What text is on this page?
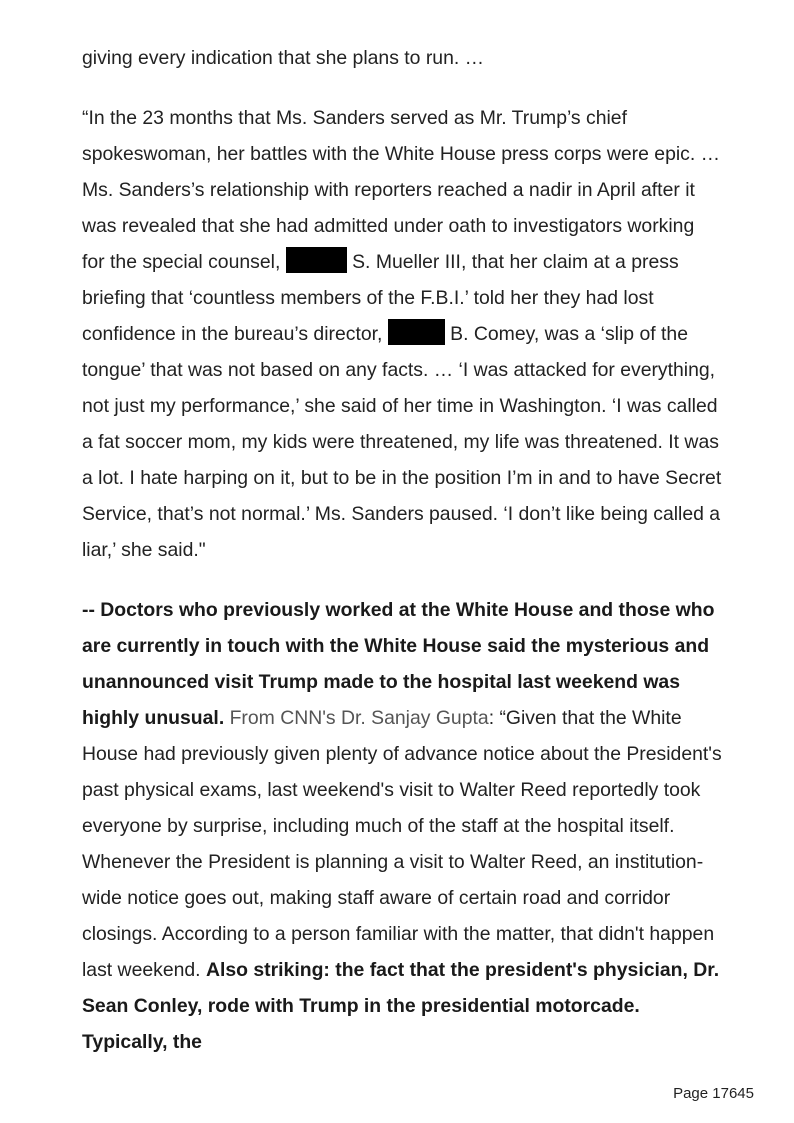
giving every indication that she plans to run. …

“In the 23 months that Ms. Sanders served as Mr. Trump’s chief spokeswoman, her battles with the White House press corps were epic. … Ms. Sanders’s relationship with reporters reached a nadir in April after it was revealed that she had admitted under oath to investigators working for the special counsel,	S. Mueller III, that her claim at a press briefing that ‘countless members of the F.B.I.’ told her they had lost confidence in the bureau’s director,	B. Comey, was a ‘slip of the tongue’ that was not based on any facts. … ‘I was attacked for everything, not just my performance,’ she said of her time in Washington. ‘I was called a fat soccer mom, my kids were threatened, my life was threatened. It was a lot. I hate harping on it, but to be in the position I’m in and to have Secret Service, that’s not normal.’ Ms. Sanders paused. ‘I don’t like being called a liar,’ she said."

-- Doctors who previously worked at the White House and those who are currently in touch with the White House said the mysterious and unannounced visit Trump made to the hospital last weekend was highly unusual. From CNN's Dr. Sanjay Gupta: “Given that the White House had previously given plenty of advance notice about the President's past physical exams, last weekend's visit to Walter Reed reportedly took everyone by surprise, including much of the staff at the hospital itself. Whenever the President is planning a visit to Walter Reed, an institution-wide notice goes out, making staff aware of certain road and corridor closings. According to a person familiar with the matter, that didn't happen last weekend. Also striking: the fact that the president's physician, Dr. Sean Conley, rode with Trump in the presidential motorcade. Typically, the

Page 17645
